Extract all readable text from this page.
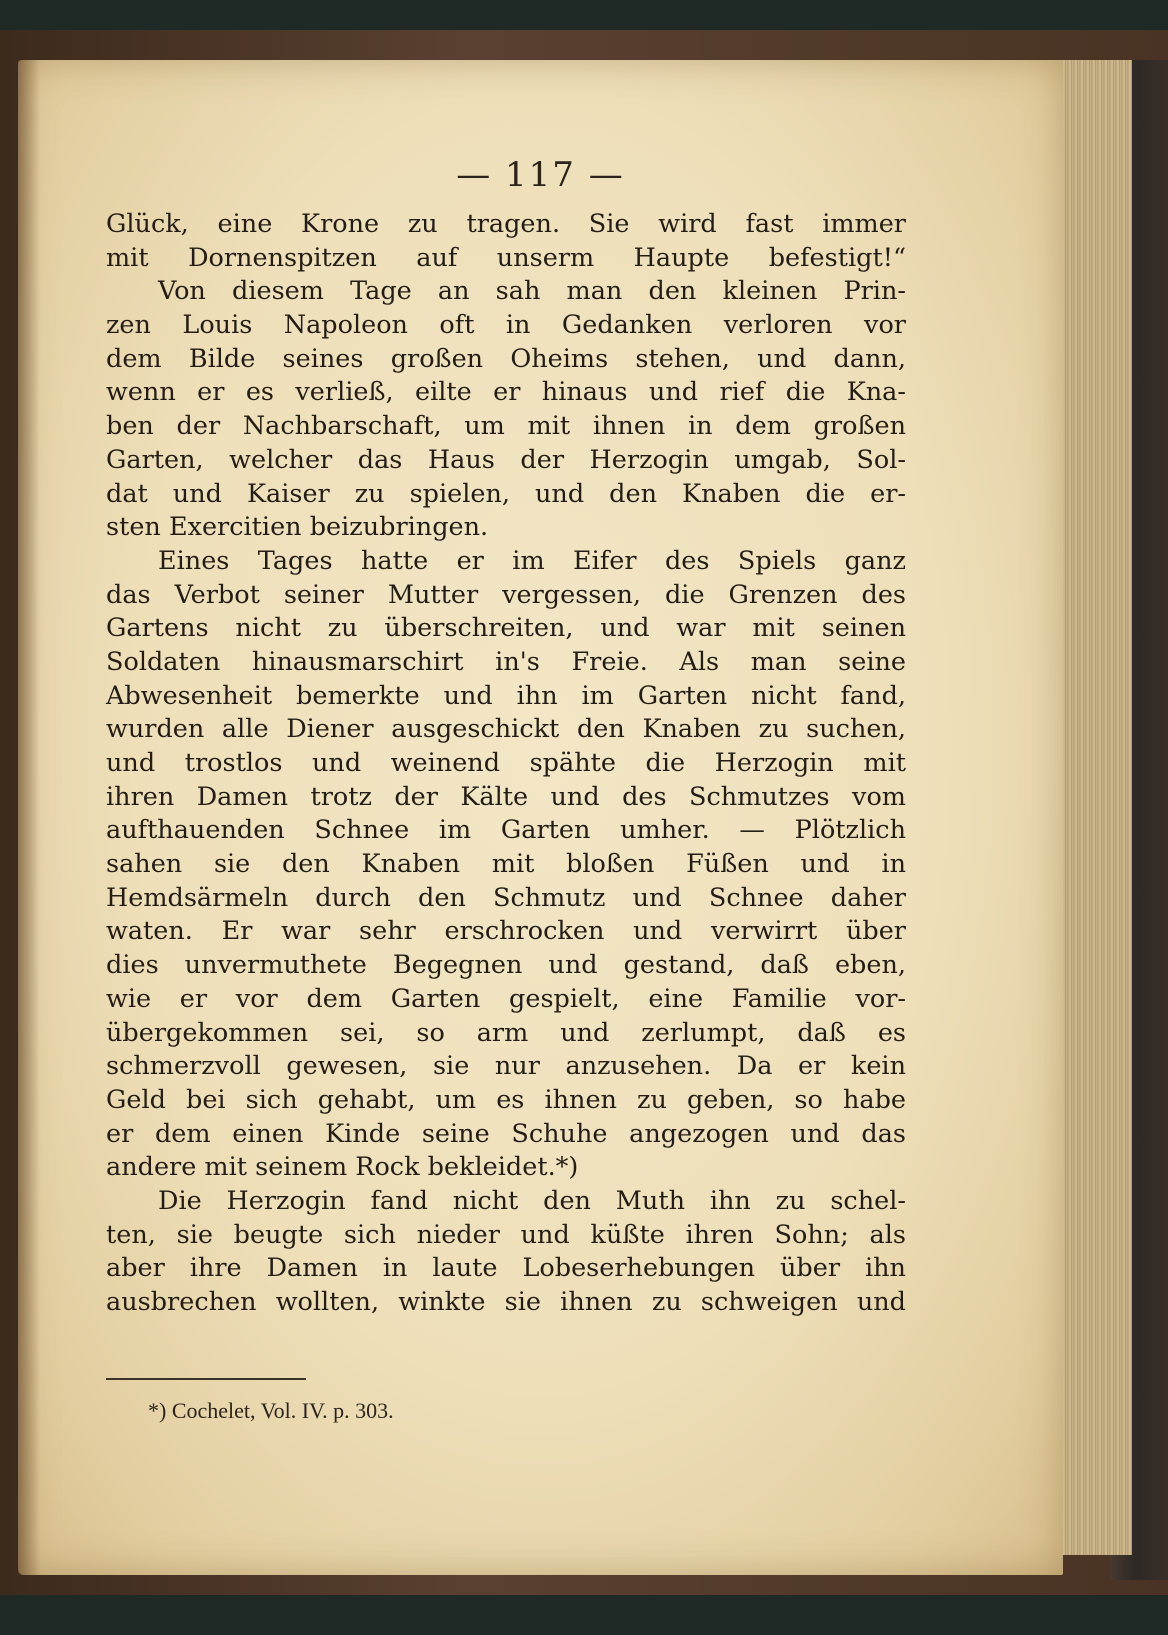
— 117 —
Glück, eine Krone zu tragen. Sie wird fast immer
mit Dornenspitzen auf unserm Haupte befestigt!“
Von diesem Tage an sah man den kleinen Prin-
zen Louis Napoleon oft in Gedanken verloren vor
dem Bilde seines großen Oheims stehen, und dann,
wenn er es verließ, eilte er hinaus und rief die Kna-
ben der Nachbarschaft, um mit ihnen in dem großen
Garten, welcher das Haus der Herzogin umgab, Sol-
dat und Kaiser zu spielen, und den Knaben die er-
sten Exercitien beizubringen.
Eines Tages hatte er im Eifer des Spiels ganz
das Verbot seiner Mutter vergessen, die Grenzen des
Gartens nicht zu überschreiten, und war mit seinen
Soldaten hinausmarschirt in's Freie. Als man seine
Abwesenheit bemerkte und ihn im Garten nicht fand,
wurden alle Diener ausgeschickt den Knaben zu suchen,
und trostlos und weinend spähte die Herzogin mit
ihren Damen trotz der Kälte und des Schmutzes vom
aufthauenden Schnee im Garten umher. — Plötzlich
sahen sie den Knaben mit bloßen Füßen und in
Hemdsärmeln durch den Schmutz und Schnee daher
waten. Er war sehr erschrocken und verwirrt über
dies unvermuthete Begegnen und gestand, daß eben,
wie er vor dem Garten gespielt, eine Familie vor-
übergekommen sei, so arm und zerlumpt, daß es
schmerzvoll gewesen, sie nur anzusehen. Da er kein
Geld bei sich gehabt, um es ihnen zu geben, so habe
er dem einen Kinde seine Schuhe angezogen und das
andere mit seinem Rock bekleidet.*)
Die Herzogin fand nicht den Muth ihn zu schel-
ten, sie beugte sich nieder und küßte ihren Sohn; als
aber ihre Damen in laute Lobeserhebungen über ihn
ausbrechen wollten, winkte sie ihnen zu schweigen und
*) Cochelet, Vol. IV. p. 303.
